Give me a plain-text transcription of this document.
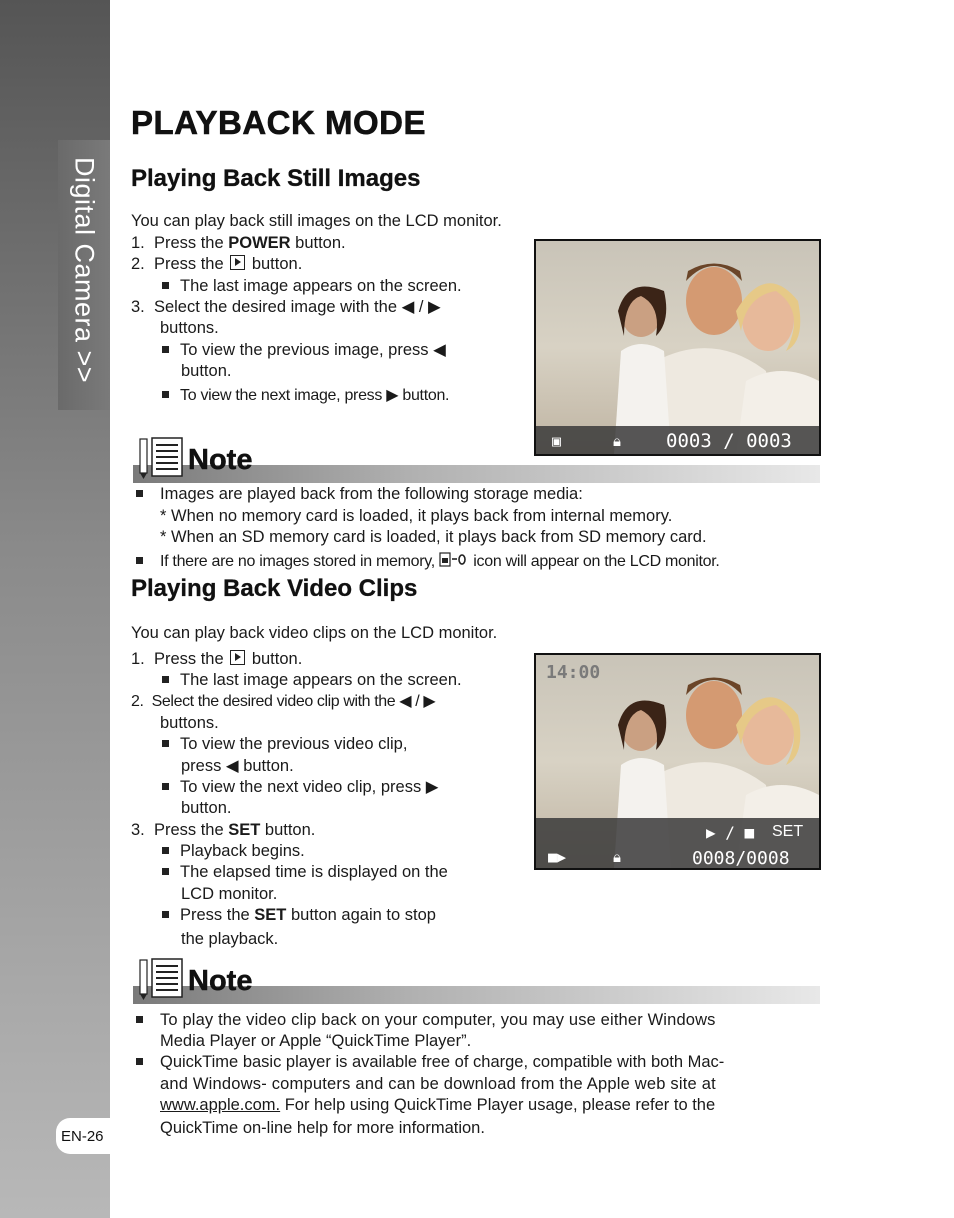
Digital Camera >>
EN-26
PLAYBACK MODE
Playing Back Still Images
You can play back still images on the LCD monitor.
1. Press the POWER button.
2. Press the  button.
The last image appears on the screen.
3. Select the desired image with the ◀ / ▶
buttons.
To view the previous image, press ◀
button.
To view the next image, press ▶ button.
▣	🔒︎ 0003 / 0003
Note
Images are played back from the following storage media:
* When no memory card is loaded, it plays back from internal memory.
* When an SD memory card is loaded, it plays back from SD memory card.
If there are no images stored in memory, icon will appear on the LCD monitor.
Playing Back Video Clips
You can play back video clips on the LCD monitor.
1. Press the  button.
The last image appears on the screen.
2. Select the desired video clip with the ◀ / ▶
buttons.
To view the previous video clip,
press ◀ button.
To view the next video clip, press ▶
button.
3. Press the SET button.
Playback begins.
The elapsed time is displayed on the
LCD monitor.
Press the SET button again to stop
the playback.
14:00
▶ / ■ SET
■▶	🔒︎	0008/0008
Note
To play the video clip back on your computer, you may use either Windows
Media Player or Apple “QuickTime Player”.
QuickTime basic player is available free of charge, compatible with both Mac-
and Windows- computers and can be download from the Apple web site at
www.apple.com. For help using QuickTime Player usage, please refer to the
QuickTime on-line help for more information.
